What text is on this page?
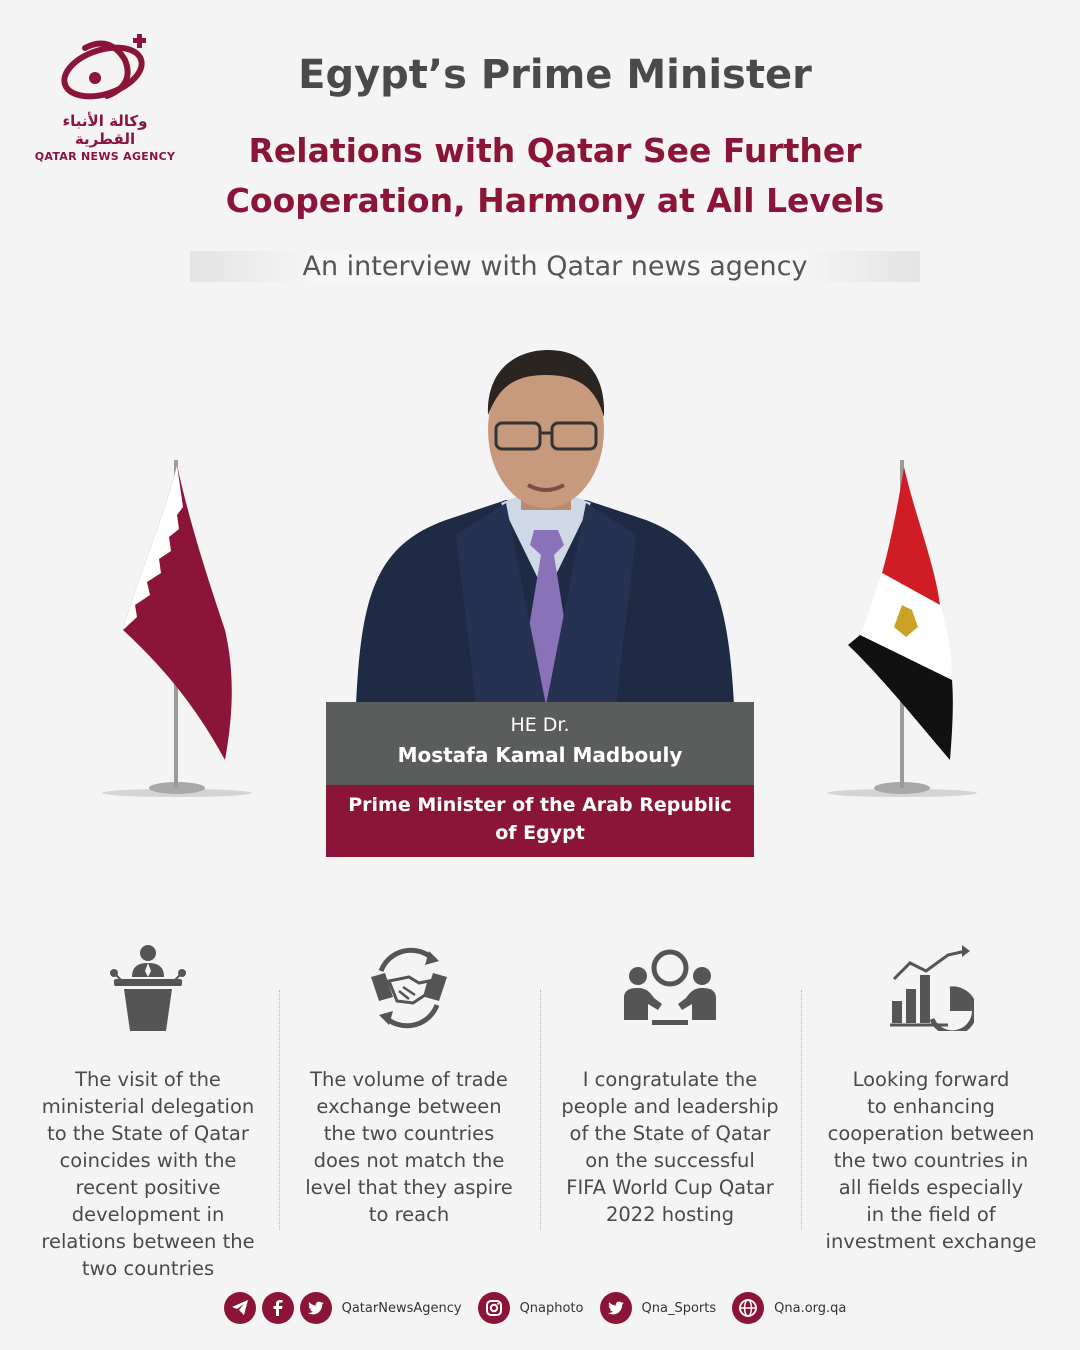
وكالة الأنباء القطرية
QATAR NEWS AGENCY
Egypt’s Prime Minister
Relations with Qatar See Further
Cooperation, Harmony at All Levels
An interview with Qatar news agency
HE Dr.
Mostafa Kamal Madbouly
Prime Minister of the Arab Republic
of Egypt
The visit of the
ministerial delegation
to the State of Qatar
coincides with the
recent positive
development in
relations between the
two countries
The volume of trade
exchange between
the two countries
does not match the
level that they aspire
to reach
I congratulate the
people and leadership
of the State of Qatar
on the successful
FIFA World Cup Qatar
2022 hosting
Looking forward
to enhancing
cooperation between
the two countries in
all fields especially
in the field of
investment exchange
QatarNewsAgency	Qnaphoto	Qna_Sports	Qna.org.qa
